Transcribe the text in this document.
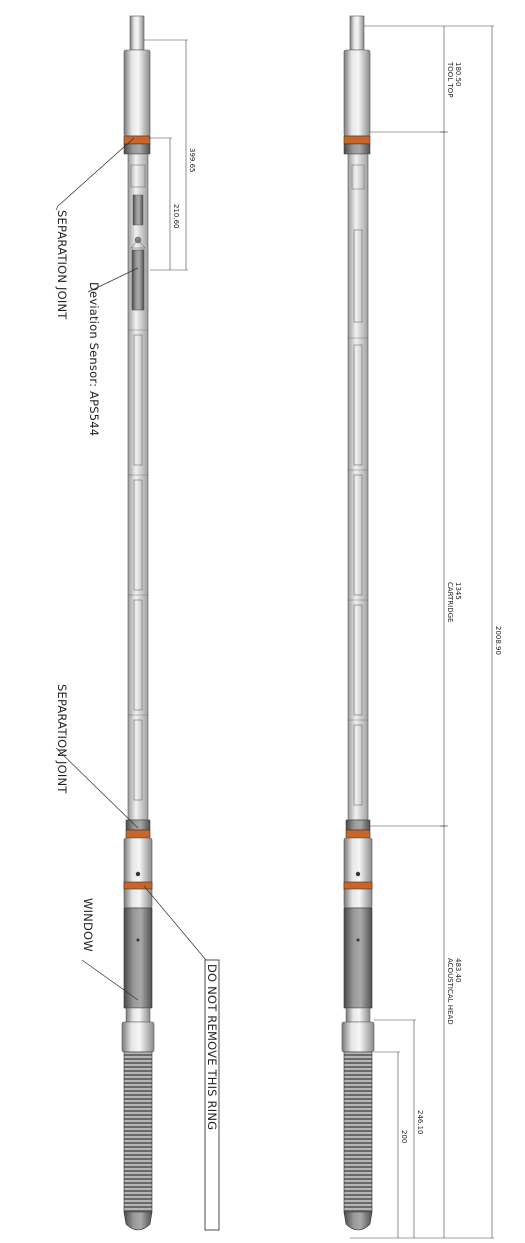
399.65
210.60
SEPARATION JOINT
Deviation Sensor: APS544
SEPARATION JOINT
WINDOW
DO NOT REMOVE THIS RING
TOOL TOP 180.50
CARTRIDGE 1345
2008.90
ACOUSTICAL HEAD 483.40
246.10
200
